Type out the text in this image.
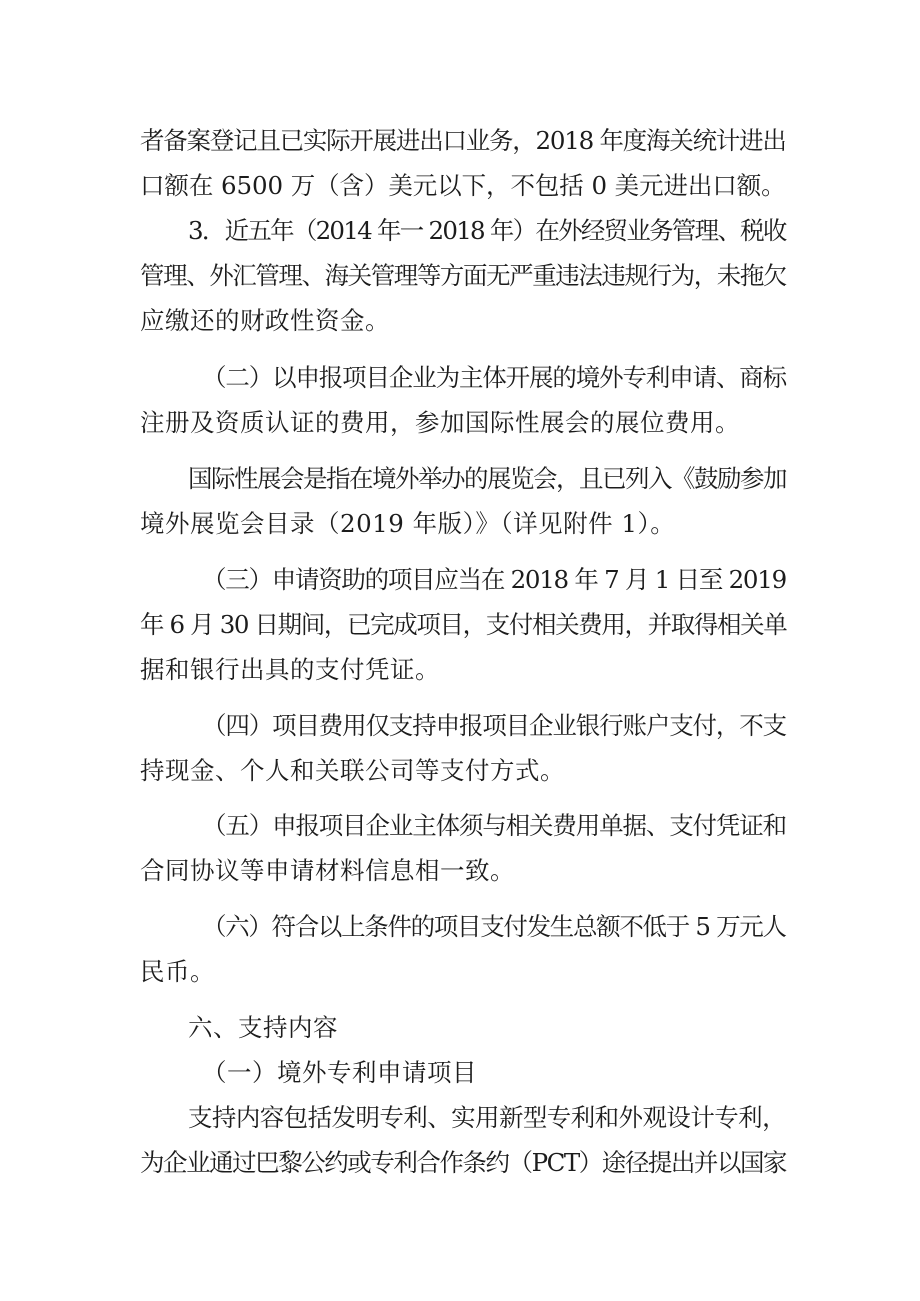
者备案登记且已实际开展进出口业务，2018 年度海关统计进出
口额在 6500 万（含）美元以下，不包括 0 美元进出口额。
3．近五年（2014 年一 2018 年）在外经贸业务管理、税收
管理、外汇管理、海关管理等方面无严重违法违规行为，未拖欠
应缴还的财政性资金。
（二）以申报项目企业为主体开展的境外专利申请、商标
注册及资质认证的费用，参加国际性展会的展位费用。
国际性展会是指在境外举办的展览会，且已列入《鼓励参加
境外展览会目录（2019 年版）》（详见附件 1）。
（三）申请资助的项目应当在 2018 年 7 月 1 日至 2019
年 6 月 30 日期间，已完成项目，支付相关费用，并取得相关单
据和银行出具的支付凭证。
（四）项目费用仅支持申报项目企业银行账户支付，不支
持现金、个人和关联公司等支付方式。
（五）申报项目企业主体须与相关费用单据、支付凭证和
合同协议等申请材料信息相一致。
（六）符合以上条件的项目支付发生总额不低于 5 万元人
民币。
六、支持内容
（一）境外专利申请项目
支持内容包括发明专利、实用新型专利和外观设计专利，
为企业通过巴黎公约或专利合作条约（PCT）途径提出并以国家
